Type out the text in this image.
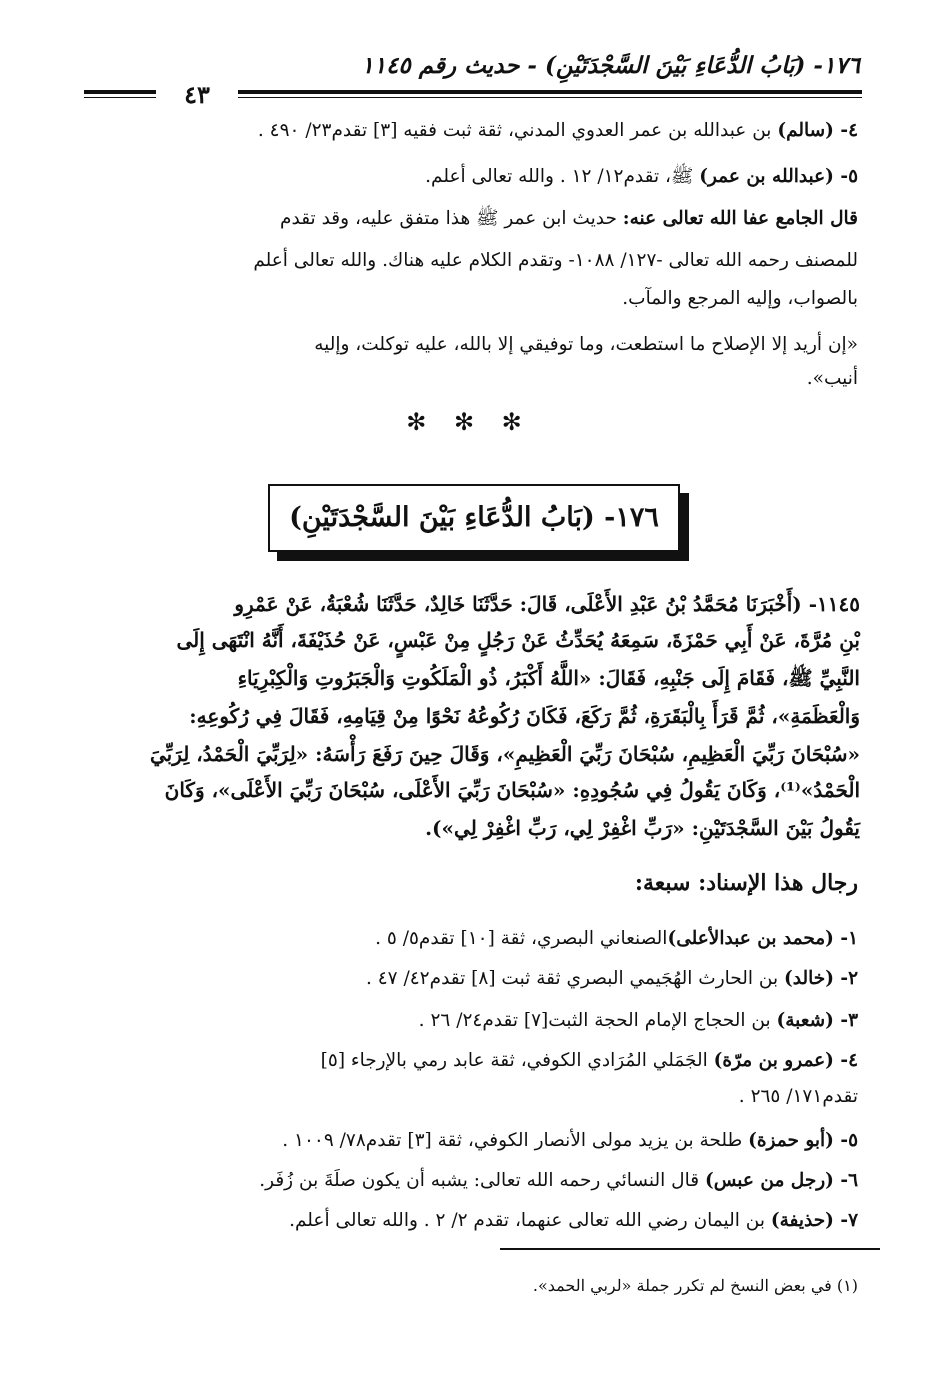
١٧٦- (بَابُ الدُّعَاءِ بَيْنَ السَّجْدَتَيْنِ) - حديث رقم ١١٤٥
٤٣
٤- (سالم) بن عبدالله بن عمر العدوي المدني، ثقة ثبت فقيه [٣] تقدم٢٣/ ٤٩٠ .
٥- (عبدالله بن عمر) ﷺ، تقدم١٢/ ١٢ . والله تعالى أعلم.
قال الجامع عفا الله تعالى عنه: حديث ابن عمر ﷺ هذا متفق عليه، وقد تقدم
للمصنف رحمه الله تعالى -١٢٧/ ١٠٨٨- وتقدم الكلام عليه هناك. والله تعالى أعلم
بالصواب، وإليه المرجع والمآب.
«إن أريد إلا الإصلاح ما استطعت، وما توفيقي إلا بالله، عليه توكلت، وإليه
أنيب».
✻ ✻ ✻
١٧٦- (بَابُ الدُّعَاءِ بَيْنَ السَّجْدَتَيْنِ)
١١٤٥- (أَخْبَرَنَا مُحَمَّدُ بْنُ عَبْدِ الأَعْلَى، قَالَ: حَدَّثَنَا خَالِدٌ، حَدَّثَنَا شُعْبَةُ، عَنْ عَمْرِو
بْنِ مُرَّةَ، عَنْ أَبِي حَمْزَةَ، سَمِعَهُ يُحَدِّثُ عَنْ رَجُلٍ مِنْ عَبْسٍ، عَنْ حُذَيْفَةَ، أَنَّهُ انْتَهَى إِلَى
النَّبِيِّ ﷺ، فَقَامَ إِلَى جَنْبِهِ، فَقَالَ: «اللَّهُ أَكْبَرُ، ذُو الْمَلَكُوتِ وَالْجَبَرُوتِ وَالْكِبْرِيَاءِ
وَالْعَظَمَةِ»، ثُمَّ قَرَأَ بِالْبَقَرَةِ، ثُمَّ رَكَعَ، فَكَانَ رُكُوعُهُ نَحْوًا مِنْ قِيَامِهِ، فَقَالَ فِي رُكُوعِهِ:
«سُبْحَانَ رَبِّيَ الْعَظِيمِ، سُبْحَانَ رَبِّيَ الْعَظِيمِ»، وَقَالَ حِينَ رَفَعَ رَأْسَهُ: «لِرَبِّيَ الْحَمْدُ، لِرَبِّيَ
الْحَمْدُ»⁽¹⁾، وَكَانَ يَقُولُ فِي سُجُودِهِ: «سُبْحَانَ رَبِّيَ الأَعْلَى، سُبْحَانَ رَبِّيَ الأَعْلَى»، وَكَانَ
يَقُولُ بَيْنَ السَّجْدَتَيْنِ: «رَبِّ اغْفِرْ لِي، رَبِّ اغْفِرْ لِي»).
رجال هذا الإسناد: سبعة:
١- (محمد بن عبدالأعلى)الصنعاني البصري، ثقة [١٠] تقدم٥/ ٥ .
٢- (خالد) بن الحارث الهُجَيمي البصري ثقة ثبت [٨] تقدم٤٢/ ٤٧ .
٣- (شعبة) بن الحجاج الإمام الحجة الثبت[٧] تقدم٢٤/ ٢٦ .
٤- (عمرو بن مرّة) الجَمَلي المُرَادي الكوفي، ثقة عابد رمي بالإرجاء [٥]
تقدم١٧١/ ٢٦٥ .
٥- (أبو حمزة) طلحة بن يزيد مولى الأنصار الكوفي، ثقة [٣] تقدم٧٨/ ١٠٠٩ .
٦- (رجل من عبس) قال النسائي رحمه الله تعالى: يشبه أن يكون صلَةَ بن زُفَر.
٧- (حذيفة) بن اليمان رضي الله تعالى عنهما، تقدم ٢/ ٢ . والله تعالى أعلم.
(١) في بعض النسخ لم تكرر جملة «لربي الحمد».
